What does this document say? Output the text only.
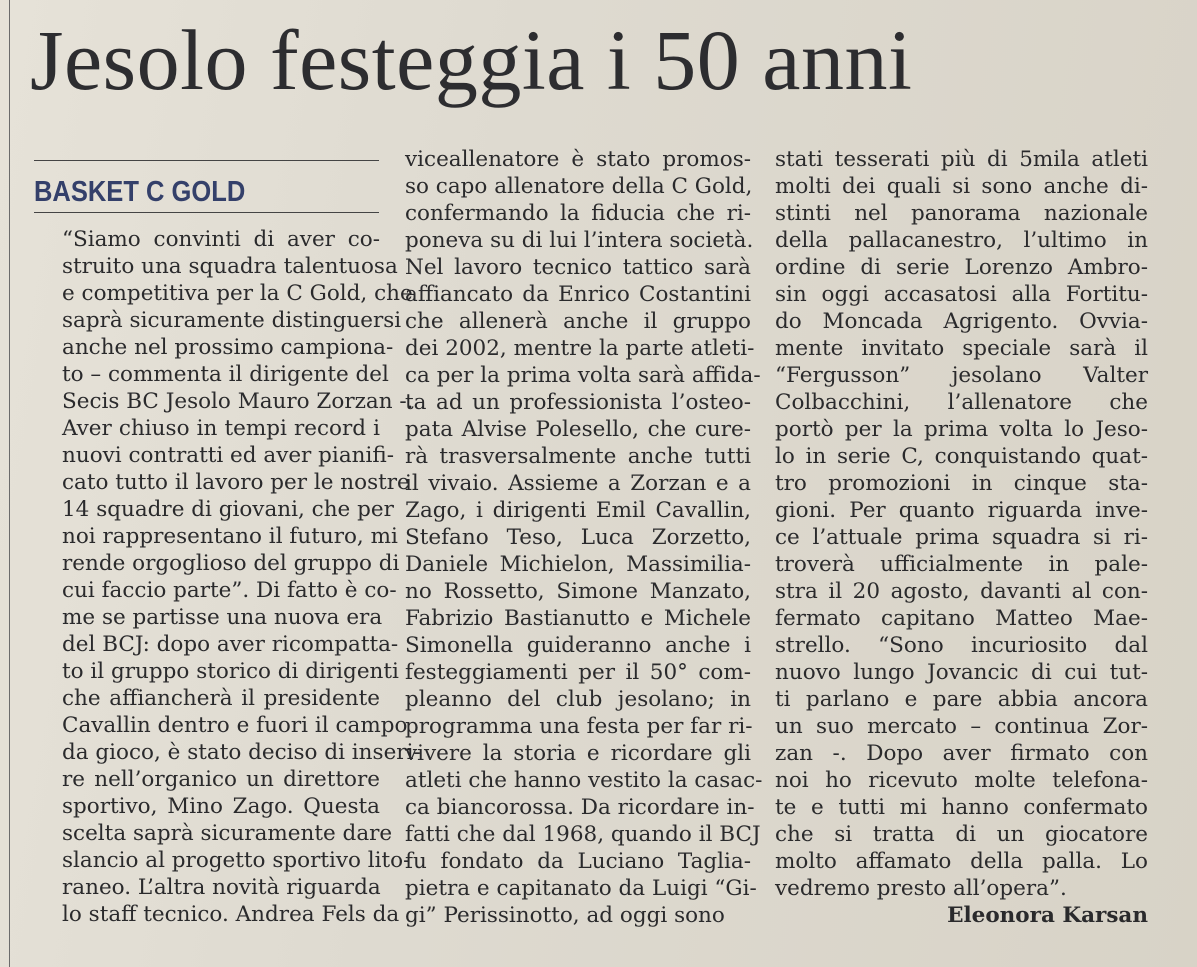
Jesolo festeggia i 50 anni
BASKET C GOLD
“Siamo convinti di aver co-
struito una squadra talentuosa
e competitiva per la C Gold, che
saprà sicuramente distinguersi
anche nel prossimo campiona-
to – commenta il dirigente del
Secis BC Jesolo Mauro Zorzan -.
Aver chiuso in tempi record i
nuovi contratti ed aver pianifi-
cato tutto il lavoro per le nostre
14 squadre di giovani, che per
noi rappresentano il futuro, mi
rende orgoglioso del gruppo di
cui faccio parte”. Di fatto è co-
me se partisse una nuova era
del BCJ: dopo aver ricompatta-
to il gruppo storico di dirigenti
che affiancherà il presidente
Cavallin dentro e fuori il campo
da gioco, è stato deciso di inseri-
re nell’organico un direttore
sportivo, Mino Zago. Questa
scelta saprà sicuramente dare
slancio al progetto sportivo lito-
raneo. L’altra novità riguarda
lo staff tecnico. Andrea Fels da
viceallenatore è stato promos-
so capo allenatore della C Gold,
confermando la fiducia che ri-
poneva su di lui l’intera società.
Nel lavoro tecnico tattico sarà
affiancato da Enrico Costantini
che allenerà anche il gruppo
dei 2002, mentre la parte atleti-
ca per la prima volta sarà affida-
ta ad un professionista l’osteo-
pata Alvise Polesello, che cure-
rà trasversalmente anche tutti
il vivaio. Assieme a Zorzan e a
Zago, i dirigenti Emil Cavallin,
Stefano Teso, Luca Zorzetto,
Daniele Michielon, Massimilia-
no Rossetto, Simone Manzato,
Fabrizio Bastianutto e Michele
Simonella guideranno anche i
festeggiamenti per il 50° com-
pleanno del club jesolano; in
programma una festa per far ri-
vivere la storia e ricordare gli
atleti che hanno vestito la casac-
ca biancorossa. Da ricordare in-
fatti che dal 1968, quando il BCJ
fu fondato da Luciano Taglia-
pietra e capitanato da Luigi “Gi-
gi” Perissinotto, ad oggi sono
stati tesserati più di 5mila atleti
molti dei quali si sono anche di-
stinti nel panorama nazionale
della pallacanestro, l’ultimo in
ordine di serie Lorenzo Ambro-
sin oggi accasatosi alla Fortitu-
do Moncada Agrigento. Ovvia-
mente invitato speciale sarà il
“Fergusson” jesolano Valter
Colbacchini, l’allenatore che
portò per la prima volta lo Jeso-
lo in serie C, conquistando quat-
tro promozioni in cinque sta-
gioni. Per quanto riguarda inve-
ce l’attuale prima squadra si ri-
troverà ufficialmente in pale-
stra il 20 agosto, davanti al con-
fermato capitano Matteo Mae-
strello. “Sono incuriosito dal
nuovo lungo Jovancic di cui tut-
ti parlano e pare abbia ancora
un suo mercato – continua Zor-
zan -. Dopo aver firmato con
noi ho ricevuto molte telefona-
te e tutti mi hanno confermato
che si tratta di un giocatore
molto affamato della palla. Lo
vedremo presto all’opera”.
Eleonora Karsan
